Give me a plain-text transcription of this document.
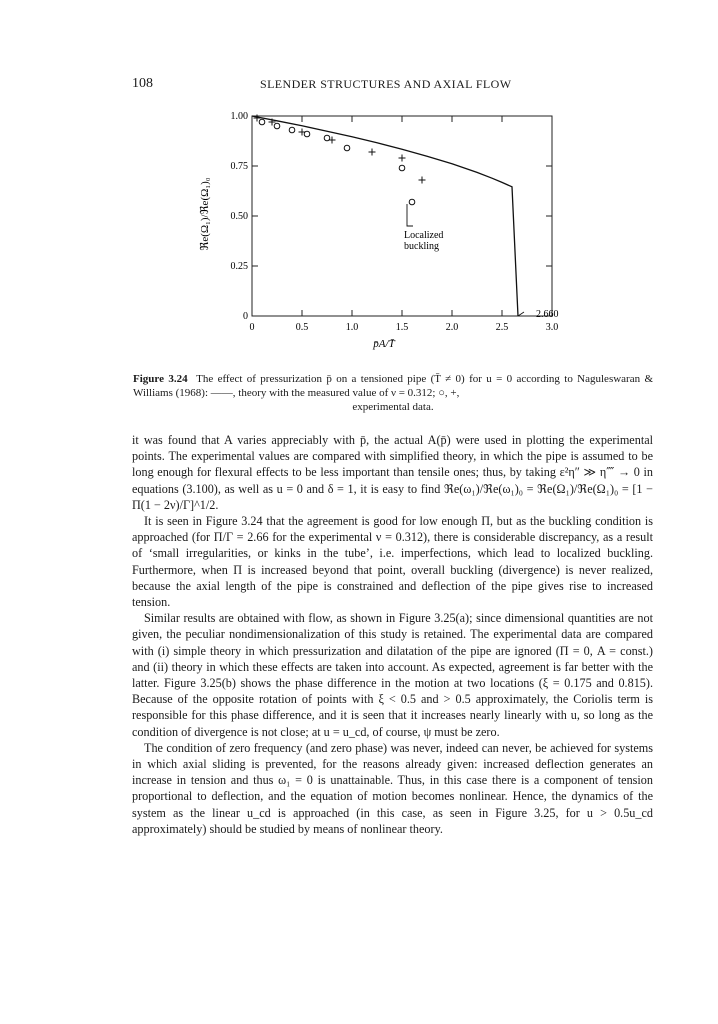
108	SLENDER STRUCTURES AND AXIAL FLOW
ℜe(Ω₁)/ℜe(Ω₁)₀
p̄A/T̄
0	0.5	1.0	1.5	2.0	2.5	3.0
0
0.25
0.50
0.75
1.00
Localized
buckling
2.660
Figure 3.24 The effect of pressurization p̄ on a tensioned pipe (T̄ ≠ 0) for u = 0 according to Naguleswaran & Williams (1968): ——, theory with the measured value of ν = 0.312; ○, +,
experimental data.

it was found that A varies appreciably with p̄, the actual A(p̄) were used in plotting the experimental points. The experimental values are compared with simplified theory, in which the pipe is assumed to be long enough for flexural effects to be less important than tensile ones; thus, by taking ε²η″ ≫ η⁗ → 0 in equations (3.100), as well as u = 0 and δ = 1, it is easy to find ℜe(ω₁)/ℜe(ω₁)₀ = ℜe(Ω₁)/ℜe(Ω₁)₀ = [1 − Π(1 − 2ν)/Γ]^1/2.

It is seen in Figure 3.24 that the agreement is good for low enough Π, but as the buckling condition is approached (for Π/Γ = 2.66 for the experimental ν = 0.312), there is considerable discrepancy, as a result of ‘small irregularities, or kinks in the tube’, i.e. imperfections, which lead to localized buckling. Furthermore, when Π is increased beyond that point, overall buckling (divergence) is never realized, because the axial length of the pipe is constrained and deflection of the pipe gives rise to increased tension.

Similar results are obtained with flow, as shown in Figure 3.25(a); since dimensional quantities are not given, the peculiar nondimensionalization of this study is retained. The experimental data are compared with (i) simple theory in which pressurization and dilatation of the pipe are ignored (Π = 0, A = const.) and (ii) theory in which these effects are taken into account. As expected, agreement is far better with the latter. Figure 3.25(b) shows the phase difference in the motion at two locations (ξ = 0.175 and 0.815). Because of the opposite rotation of points with ξ < 0.5 and > 0.5 approximately, the Coriolis term is responsible for this phase difference, and it is seen that it increases nearly linearly with u, so long as the condition of divergence is not close; at u = u_cd, of course, ψ must be zero.

The condition of zero frequency (and zero phase) was never, indeed can never, be achieved for systems in which axial sliding is prevented, for the reasons already given: increased deflection generates an increase in tension and thus ω₁ = 0 is unattainable. Thus, in this case there is a component of tension proportional to deflection, and the equation of motion becomes nonlinear. Hence, the dynamics of the system as the linear u_cd is approached (in this case, as seen in Figure 3.25, for u > 0.5u_cd approximately) should be studied by means of nonlinear theory.
